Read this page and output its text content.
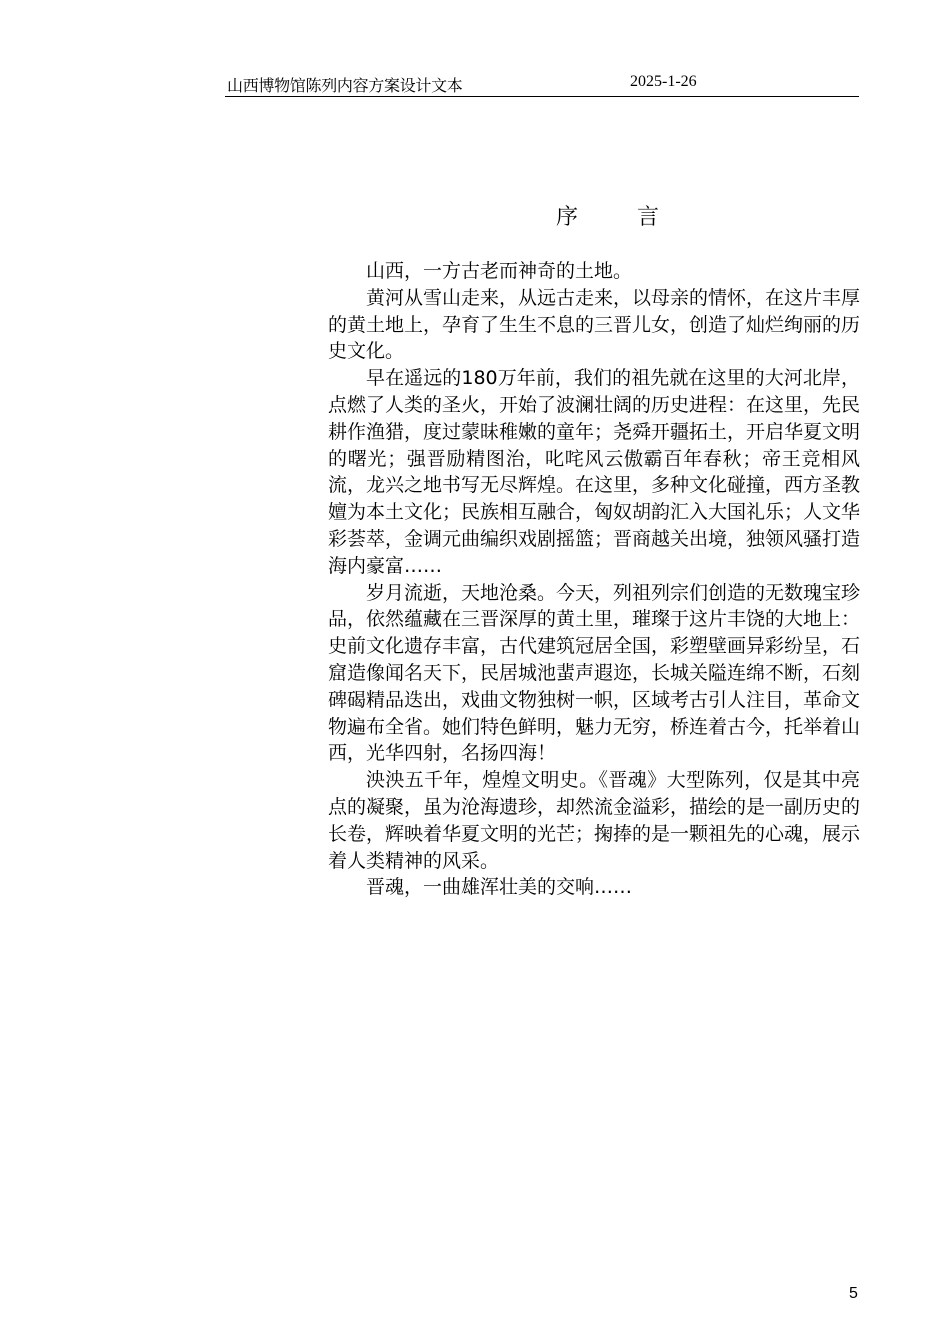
山西博物馆陈列内容方案设计文本	2025-1-26
序 言

山西，一方古老而神奇的土地。

黄河从雪山走来，从远古走来，以母亲的情怀，在这片丰厚的黄土地上，孕育了生生不息的三晋儿女，创造了灿烂绚丽的历史文化。

早在遥远的180万年前，我们的祖先就在这里的大河北岸，点燃了人类的圣火，开始了波澜壮阔的历史进程：在这里，先民耕作渔猎，度过蒙昧稚嫩的童年；尧舜开疆拓土，开启华夏文明的曙光；强晋励精图治，叱咤风云傲霸百年春秋；帝王竞相风流，龙兴之地书写无尽辉煌。在这里，多种文化碰撞，西方圣教嬗为本土文化；民族相互融合，匈奴胡韵汇入大国礼乐；人文华彩荟萃，金调元曲编织戏剧摇篮；晋商越关出境，独领风骚打造海内豪富……

岁月流逝，天地沧桑。今天，列祖列宗们创造的无数瑰宝珍品，依然蕴藏在三晋深厚的黄土里，璀璨于这片丰饶的大地上：史前文化遗存丰富，古代建筑冠居全国，彩塑壁画异彩纷呈，石窟造像闻名天下，民居城池蜚声遐迩，长城关隘连绵不断，石刻碑碣精品迭出，戏曲文物独树一帜，区域考古引人注目，革命文物遍布全省。她们特色鲜明，魅力无穷，桥连着古今，托举着山西，光华四射，名扬四海！

泱泱五千年，煌煌文明史。《晋魂》大型陈列，仅是其中亮点的凝聚，虽为沧海遗珍，却然流金溢彩，描绘的是一副历史的长卷，辉映着华夏文明的光芒；掬捧的是一颗祖先的心魂，展示着人类精神的风采。

晋魂，一曲雄浑壮美的交响……

5
